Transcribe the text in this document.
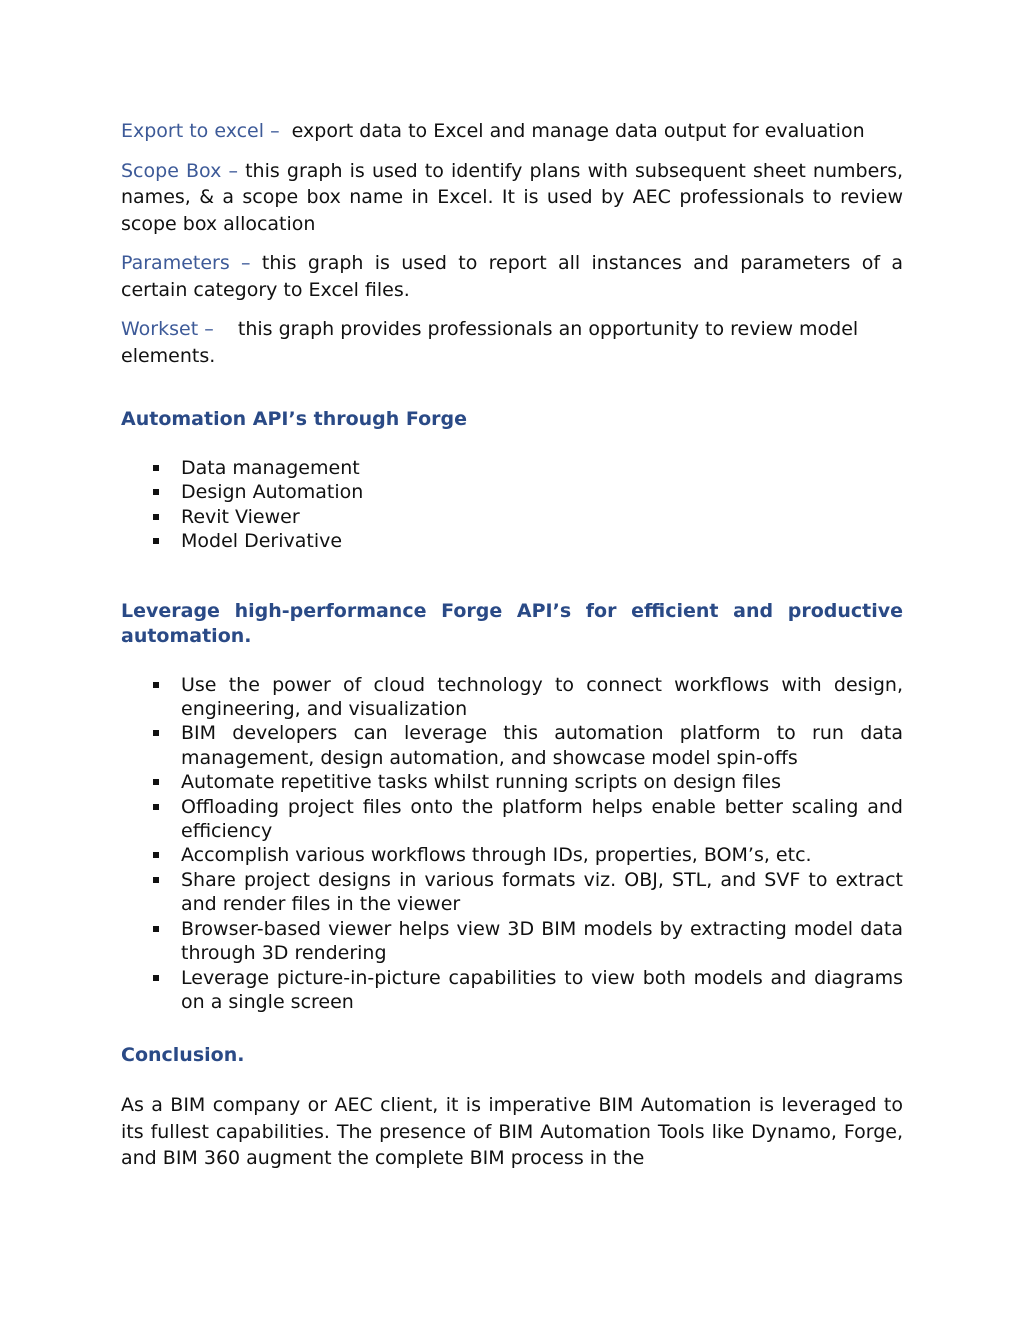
Export to excel – export data to Excel and manage data output for evaluation

Scope Box – this graph is used to identify plans with subsequent sheet numbers, names, & a scope box name in Excel. It is used by AEC professionals to review scope box allocation

Parameters – this graph is used to report all instances and parameters of a certain category to Excel files.

Workset – this graph provides professionals an opportunity to review model elements.

Automation API’s through Forge
Data management
Design Automation
Revit Viewer
Model Derivative
Leverage high-performance Forge API’s for efficient and productive automation.
Use the power of cloud technology to connect workflows with design, engineering, and visualization
BIM developers can leverage this automation platform to run data management, design automation, and showcase model spin-offs
Automate repetitive tasks whilst running scripts on design files
Offloading project files onto the platform helps enable better scaling and efficiency
Accomplish various workflows through IDs, properties, BOM’s, etc.
Share project designs in various formats viz. OBJ, STL, and SVF to extract and render files in the viewer
Browser-based viewer helps view 3D BIM models by extracting model data through 3D rendering
Leverage picture-in-picture capabilities to view both models and diagrams on a single screen
Conclusion.

As a BIM company or AEC client, it is imperative BIM Automation is leveraged to its fullest capabilities. The presence of BIM Automation Tools like Dynamo, Forge, and BIM 360 augment the complete BIM process in the
